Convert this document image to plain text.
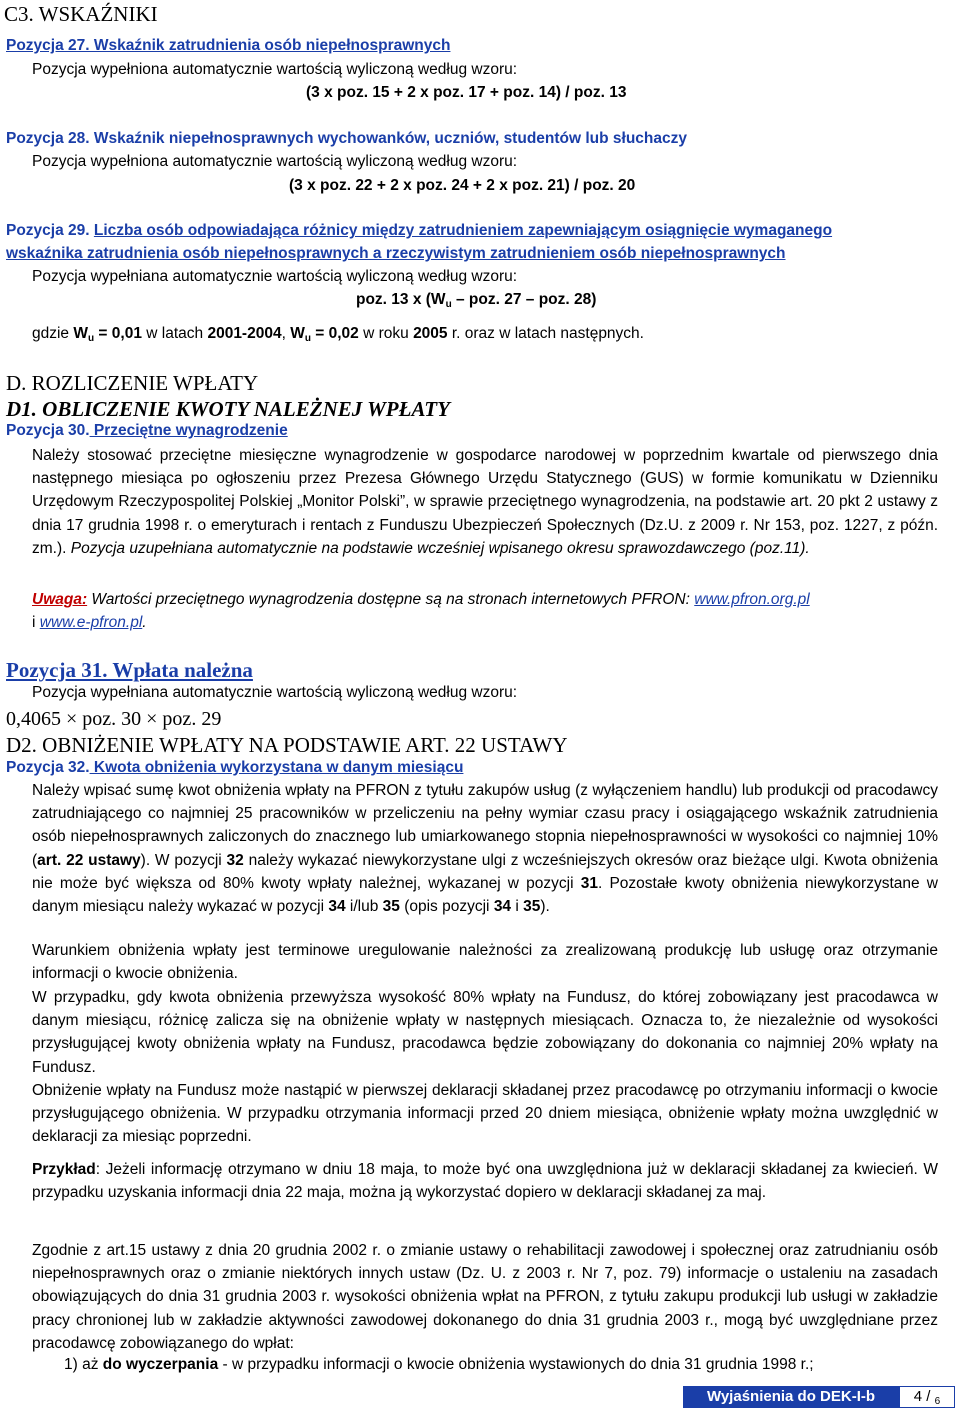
C3. WSKAŹNIKI
Pozycja 27. Wskaźnik zatrudnienia osób niepełnosprawnych
Pozycja wypełniona automatycznie wartością wyliczoną według wzoru:
(3 x poz. 15 + 2 x poz. 17 + poz. 14) / poz. 13
Pozycja 28. Wskaźnik niepełnosprawnych wychowanków, uczniów, studentów lub słuchaczy
Pozycja wypełniona automatycznie wartością wyliczoną według wzoru:
(3 x poz. 22 + 2 x poz. 24 + 2 x poz. 21) / poz. 20
Pozycja 29. Liczba osób odpowiadająca różnicy między zatrudnieniem zapewniającym osiągnięcie wymaganego
wskaźnika zatrudnienia osób niepełnosprawnych a rzeczywistym zatrudnieniem osób niepełnosprawnych
Pozycja wypełniana automatycznie wartością wyliczoną według wzoru:
poz. 13 x ($W_u$ – poz. 27 – poz. 28)
gdzie $W_u = 0,01$ w latach 2001-2004, $W_u = 0,02$ w roku 2005 r. oraz w latach następnych.
D. ROZLICZENIE WPŁATY
D1. OBLICZENIE KWOTY NALEŻNEJ WPŁATY
Pozycja 30. Przeciętne wynagrodzenie

Należy stosować przeciętne miesięczne wynagrodzenie w gospodarce narodowej w poprzednim kwartale od pierwszego dnia następnego miesiąca po ogłoszeniu przez Prezesa Głównego Urzędu Statycznego (GUS) w formie komunikatu w Dzienniku Urzędowym Rzeczypospolitej Polskiej „Monitor Polski”, w sprawie przeciętnego wynagrodzenia, na podstawie art. 20 pkt 2 ustawy z dnia 17 grudnia 1998 r. o emeryturach i rentach z Funduszu Ubezpieczeń Społecznych (Dz.U. z 2009 r. Nr 153, poz. 1227, z późn. zm.). Pozycja uzupełniana automatycznie na podstawie wcześniej wpisanego okresu sprawozdawczego (poz.11).

Uwaga: Wartości przeciętnego wynagrodzenia dostępne są na stronach internetowych PFRON: www.pfron.org.pl
i www.e-pfron.pl.

Pozycja 31. Wpłata należna
Pozycja wypełniana automatycznie wartością wyliczoną według wzoru:
0,4065 × poz. 30 × poz. 29
D2. OBNIŻENIE WPŁATY NA PODSTAWIE ART. 22 USTAWY
Pozycja 32. Kwota obniżenia wykorzystana w danym miesiącu

Należy wpisać sumę kwot obniżenia wpłaty na PFRON z tytułu zakupów usług (z wyłączeniem handlu) lub produkcji od pracodawcy zatrudniającego co najmniej 25 pracowników w przeliczeniu na pełny wymiar czasu pracy i osiągającego wskaźnik zatrudnienia osób niepełnosprawnych zaliczonych do znacznego lub umiarkowanego stopnia niepełnosprawności w wysokości co najmniej 10% (art. 22 ustawy). W pozycji 32 należy wykazać niewykorzystane ulgi z wcześniejszych okresów oraz bieżące ulgi. Kwota obniżenia nie może być większa od 80% kwoty wpłaty należnej, wykazanej w pozycji 31. Pozostałe kwoty obniżenia niewykorzystane w danym miesiącu należy wykazać w pozycji 34 i/lub 35 (opis pozycji 34 i 35).

Warunkiem obniżenia wpłaty jest terminowe uregulowanie należności za zrealizowaną produkcję lub usługę oraz otrzymanie informacji o kwocie obniżenia.
W przypadku, gdy kwota obniżenia przewyższa wysokość 80% wpłaty na Fundusz, do której zobowiązany jest pracodawca w danym miesiącu, różnicę zalicza się na obniżenie wpłaty w następnych miesiącach. Oznacza to, że niezależnie od wysokości przysługującej kwoty obniżenia wpłaty na Fundusz, pracodawca będzie zobowiązany do dokonania co najmniej 20% wpłaty na Fundusz.
Obniżenie wpłaty na Fundusz może nastąpić w pierwszej deklaracji składanej przez pracodawcę po otrzymaniu informacji o kwocie przysługującego obniżenia. W przypadku otrzymania informacji przed 20 dniem miesiąca, obniżenie wpłaty można uwzględnić w deklaracji za miesiąc poprzedni.

Przykład: Jeżeli informację otrzymano w dniu 18 maja, to może być ona uwzględniona już w deklaracji składanej za kwiecień. W przypadku uzyskania informacji dnia 22 maja, można ją wykorzystać dopiero w deklaracji składanej za maj.

Zgodnie z art.15 ustawy z dnia 20 grudnia 2002 r. o zmianie ustawy o rehabilitacji zawodowej i społecznej oraz zatrudnianiu osób niepełnosprawnych oraz o zmianie niektórych innych ustaw (Dz. U. z 2003 r. Nr 7, poz. 79) informacje o ustaleniu na zasadach obowiązujących do dnia 31 grudnia 2003 r. wysokości obniżenia wpłat na PFRON, z tytułu zakupu produkcji lub usługi w zakładzie pracy chronionej lub w zakładzie aktywności zawodowej dokonanego do dnia 31 grudnia 2003 r., mogą być uwzględniane przez pracodawcę zobowiązanego do wpłat:
1) aż do wyczerpania - w przypadku informacji o kwocie obniżenia wystawionych do dnia 31 grudnia 1998 r.;
Wyjaśnienia do DEK-I-b	4 / $_6$
